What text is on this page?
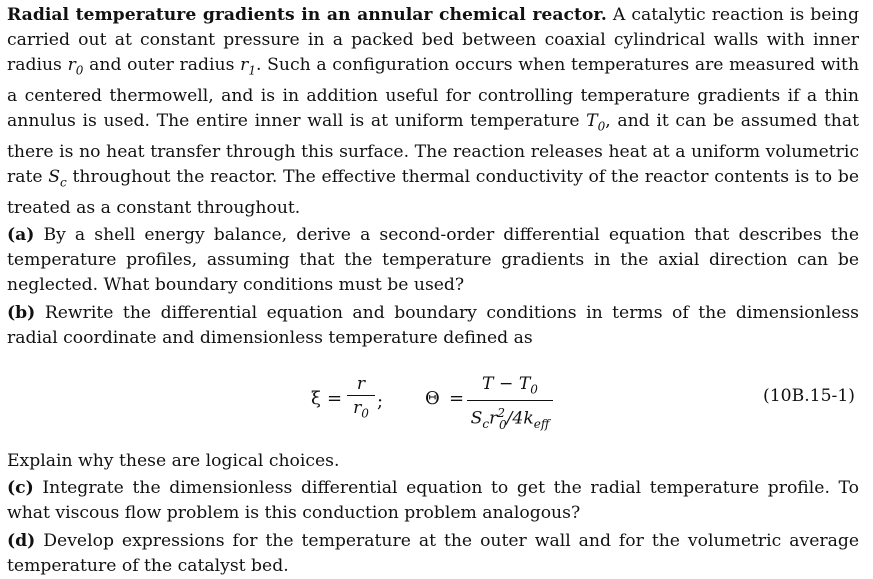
Radial temperature gradients in an annular chemical reactor. A catalytic reaction is being carried out at constant pressure in a packed bed between coaxial cylindrical walls with inner radius $r_0$ and outer radius $r_1$. Such a configuration occurs when temperatures are measured with a centered thermowell, and is in addition useful for controlling temperature gradients if a thin annulus is used. The entire inner wall is at uniform temperature $T_0$, and it can be assumed that there is no heat transfer through this surface. The reaction releases heat at a uniform volumetric rate $S_c$ throughout the reactor. The effective thermal conductivity of the reactor contents is to be treated as a constant throughout.

(a) By a shell energy balance, derive a second-order differential equation that describes the temperature profiles, assuming that the temperature gradients in the axial direction can be neglected. What boundary conditions must be used?

(b) Rewrite the differential equation and boundary conditions in terms of the dimensionless radial coordinate and dimensionless temperature defined as

$\xi = \frac{r}{r_0}$ ; Θ =
$T - T_0$
$S_cr^2_0/4k_{eff}$
(10B.15-1)

Explain why these are logical choices.

(c) Integrate the dimensionless differential equation to get the radial temperature profile. To what viscous flow problem is this conduction problem analogous?

(d) Develop expressions for the temperature at the outer wall and for the volumetric average temperature of the catalyst bed.
